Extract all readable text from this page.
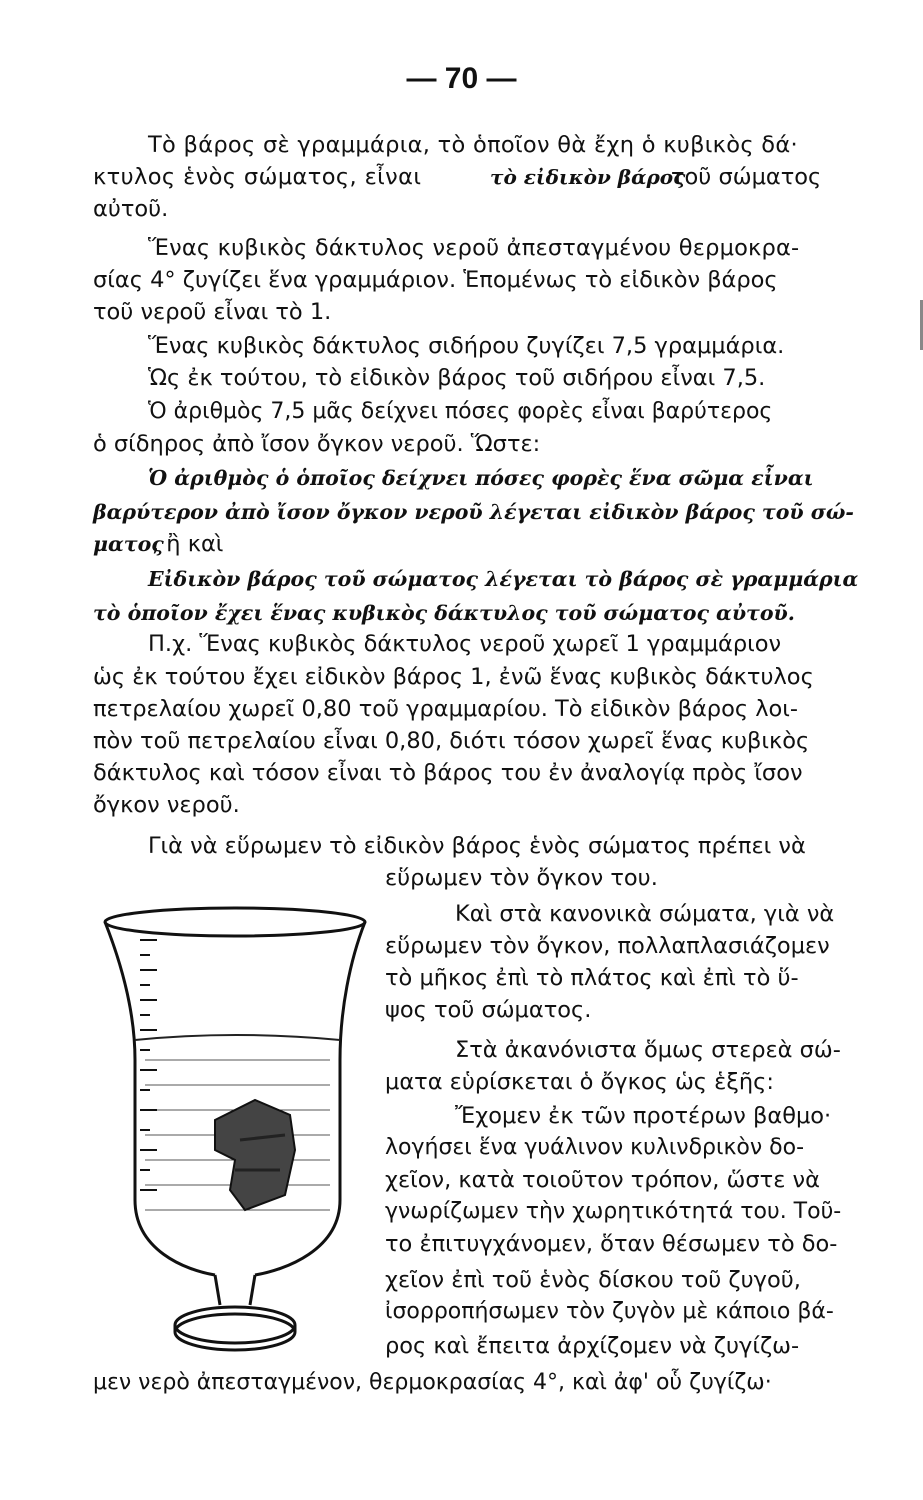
— 70 —
Τὸ βάρος σὲ γραμμάρια, τὸ ὁποῖον θὰ ἔχη ὁ κυβικὸς δά·
κτυλος ἑνὸς σώματος, εἶναι	τὸ εἰδικὸν βάρος
τοῦ σώματος
αὐτοῦ.
Ἕνας κυβικὸς δάκτυλος νεροῦ ἀπεσταγμένου θερμοκρα-
σίας 4° ζυγίζει ἕνα γραμμάριον. Ἑπομένως τὸ εἰδικὸν βάρος
τοῦ νεροῦ εἶναι τὸ 1.
Ἕνας κυβικὸς δάκτυλος σιδήρου ζυγίζει 7,5 γραμμάρια.
Ὡς ἐκ τούτου, τὸ εἰδικὸν βάρος τοῦ σιδήρου εἶναι 7,5.
Ὁ ἀριθμὸς 7,5 μᾶς δείχνει πόσες φορὲς εἶναι βαρύτερος
ὁ σίδηρος ἀπὸ ἴσον ὄγκον νεροῦ. Ὥστε:
Ὁ ἀριθμὸς ὁ ὁποῖος δείχνει πόσες φορὲς ἕνα σῶμα εἶναι
βαρύτερον ἀπὸ ἴσον ὄγκον νεροῦ λέγεται εἰδικὸν βάρος τοῦ σώ-
ματος
, ἢ καὶ
Εἰδικὸν βάρος τοῦ σώματος λέγεται τὸ βάρος σὲ γραμμάρια
τὸ ὁποῖον ἔχει ἕνας κυβικὸς δάκτυλος τοῦ σώματος αὐτοῦ.
Π.χ. Ἕνας κυβικὸς δάκτυλος νεροῦ χωρεῖ 1 γραμμάριον
ὡς ἐκ τούτου ἔχει εἰδικὸν βάρος 1, ἐνῶ ἕνας κυβικὸς δάκτυλος
πετρελαίου χωρεῖ 0,80 τοῦ γραμμαρίου. Τὸ εἰδικὸν βάρος λοι-
πὸν τοῦ πετρελαίου εἶναι 0,80, διότι τόσον χωρεῖ ἕνας κυβικὸς
δάκτυλος καὶ τόσον εἶναι τὸ βάρος του ἐν ἀναλογίᾳ πρὸς ἴσον
ὄγκον νεροῦ.
Γιὰ νὰ εὕρωμεν τὸ εἰδικὸν βάρος ἑνὸς σώματος πρέπει νὰ
εὕρωμεν τὸν ὄγκον του.
Καὶ στὰ κανονικὰ σώματα, γιὰ νὰ
εὕρωμεν τὸν ὄγκον, πολλαπλασιάζομεν
τὸ μῆκος ἐπὶ τὸ πλάτος καὶ ἐπὶ τὸ ὕ-
ψος τοῦ σώματος.
Στὰ ἀκανόνιστα ὅμως στερεὰ σώ-
ματα εὑρίσκεται ὁ ὄγκος ὡς ἑξῆς:
Ἔχομεν ἐκ τῶν προτέρων βαθμο·
λογήσει ἕνα γυάλινον κυλινδρικὸν δο-
χεῖον, κατὰ τοιοῦτον τρόπον, ὥστε νὰ
γνωρίζωμεν τὴν χωρητικότητά του. Τοῦ-
το ἐπιτυγχάνομεν, ὅταν θέσωμεν τὸ δο-
χεῖον ἐπὶ τοῦ ἑνὸς δίσκου τοῦ ζυγοῦ,
ἰσορροπήσωμεν τὸν ζυγὸν μὲ κάποιο βά-
ρος καὶ ἔπειτα ἀρχίζομεν νὰ ζυγίζω-
μεν νερὸ ἀπεσταγμένον, θερμοκρασίας 4°, καὶ ἀφ' οὗ ζυγίζω·
